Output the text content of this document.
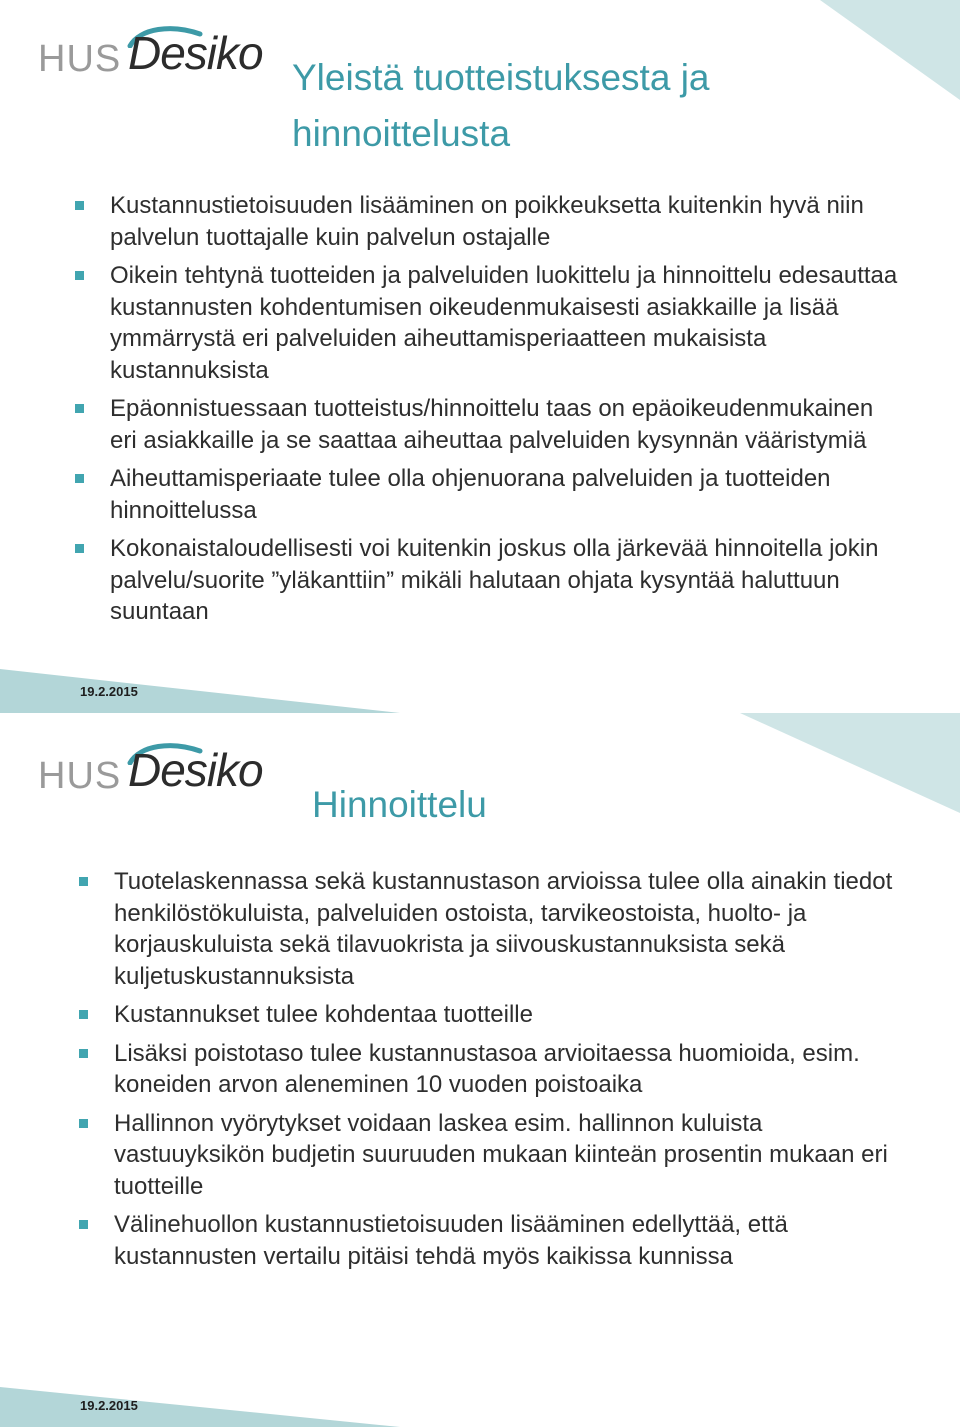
HUS Desiko Yleistä tuotteistuksesta ja hinnoittelusta
Kustannustietoisuuden lisääminen on poikkeuksetta kuitenkin hyvä niin palvelun tuottajalle kuin palvelun ostajalle
Oikein tehtynä tuotteiden ja palveluiden luokittelu ja hinnoittelu edesauttaa kustannusten kohdentumisen oikeudenmukaisesti asiakkaille ja lisää ymmärrystä eri palveluiden aiheuttamisperiaatteen mukaisista kustannuksista
Epäonnistuessaan tuotteistus/hinnoittelu taas on epäoikeudenmukainen eri asiakkaille ja se saattaa aiheuttaa palveluiden kysynnän vääristymiä
Aiheuttamisperiaate tulee olla ohjenuorana palveluiden ja tuotteiden hinnoittelussa
Kokonaistaloudellisesti voi kuitenkin joskus olla järkevää hinnoitella jokin palvelu/suorite ”yläkanttiin” mikäli halutaan ohjata kysyntää haluttuun suuntaan
19.2.2015
HUS Desiko
Hinnoittelu
Tuotelaskennassa sekä kustannustason arvioissa tulee olla ainakin tiedot henkilöstökuluista, palveluiden ostoista, tarvikeostoista, huolto- ja korjauskuluista sekä tilavuokrista ja siivouskustannuksista sekä kuljetuskustannuksista
Kustannukset tulee kohdentaa tuotteille
Lisäksi poistotaso tulee kustannustasoa arvioitaessa huomioida, esim. koneiden arvon aleneminen 10 vuoden poistoaika
Hallinnon vyörytykset voidaan laskea esim. hallinnon kuluista vastuuyksikön budjetin suuruuden mukaan kiinteän prosentin mukaan eri tuotteille
Välinehuollon kustannustietoisuuden lisääminen edellyttää, että kustannusten vertailu pitäisi tehdä myös kaikissa kunnissa
19.2.2015
